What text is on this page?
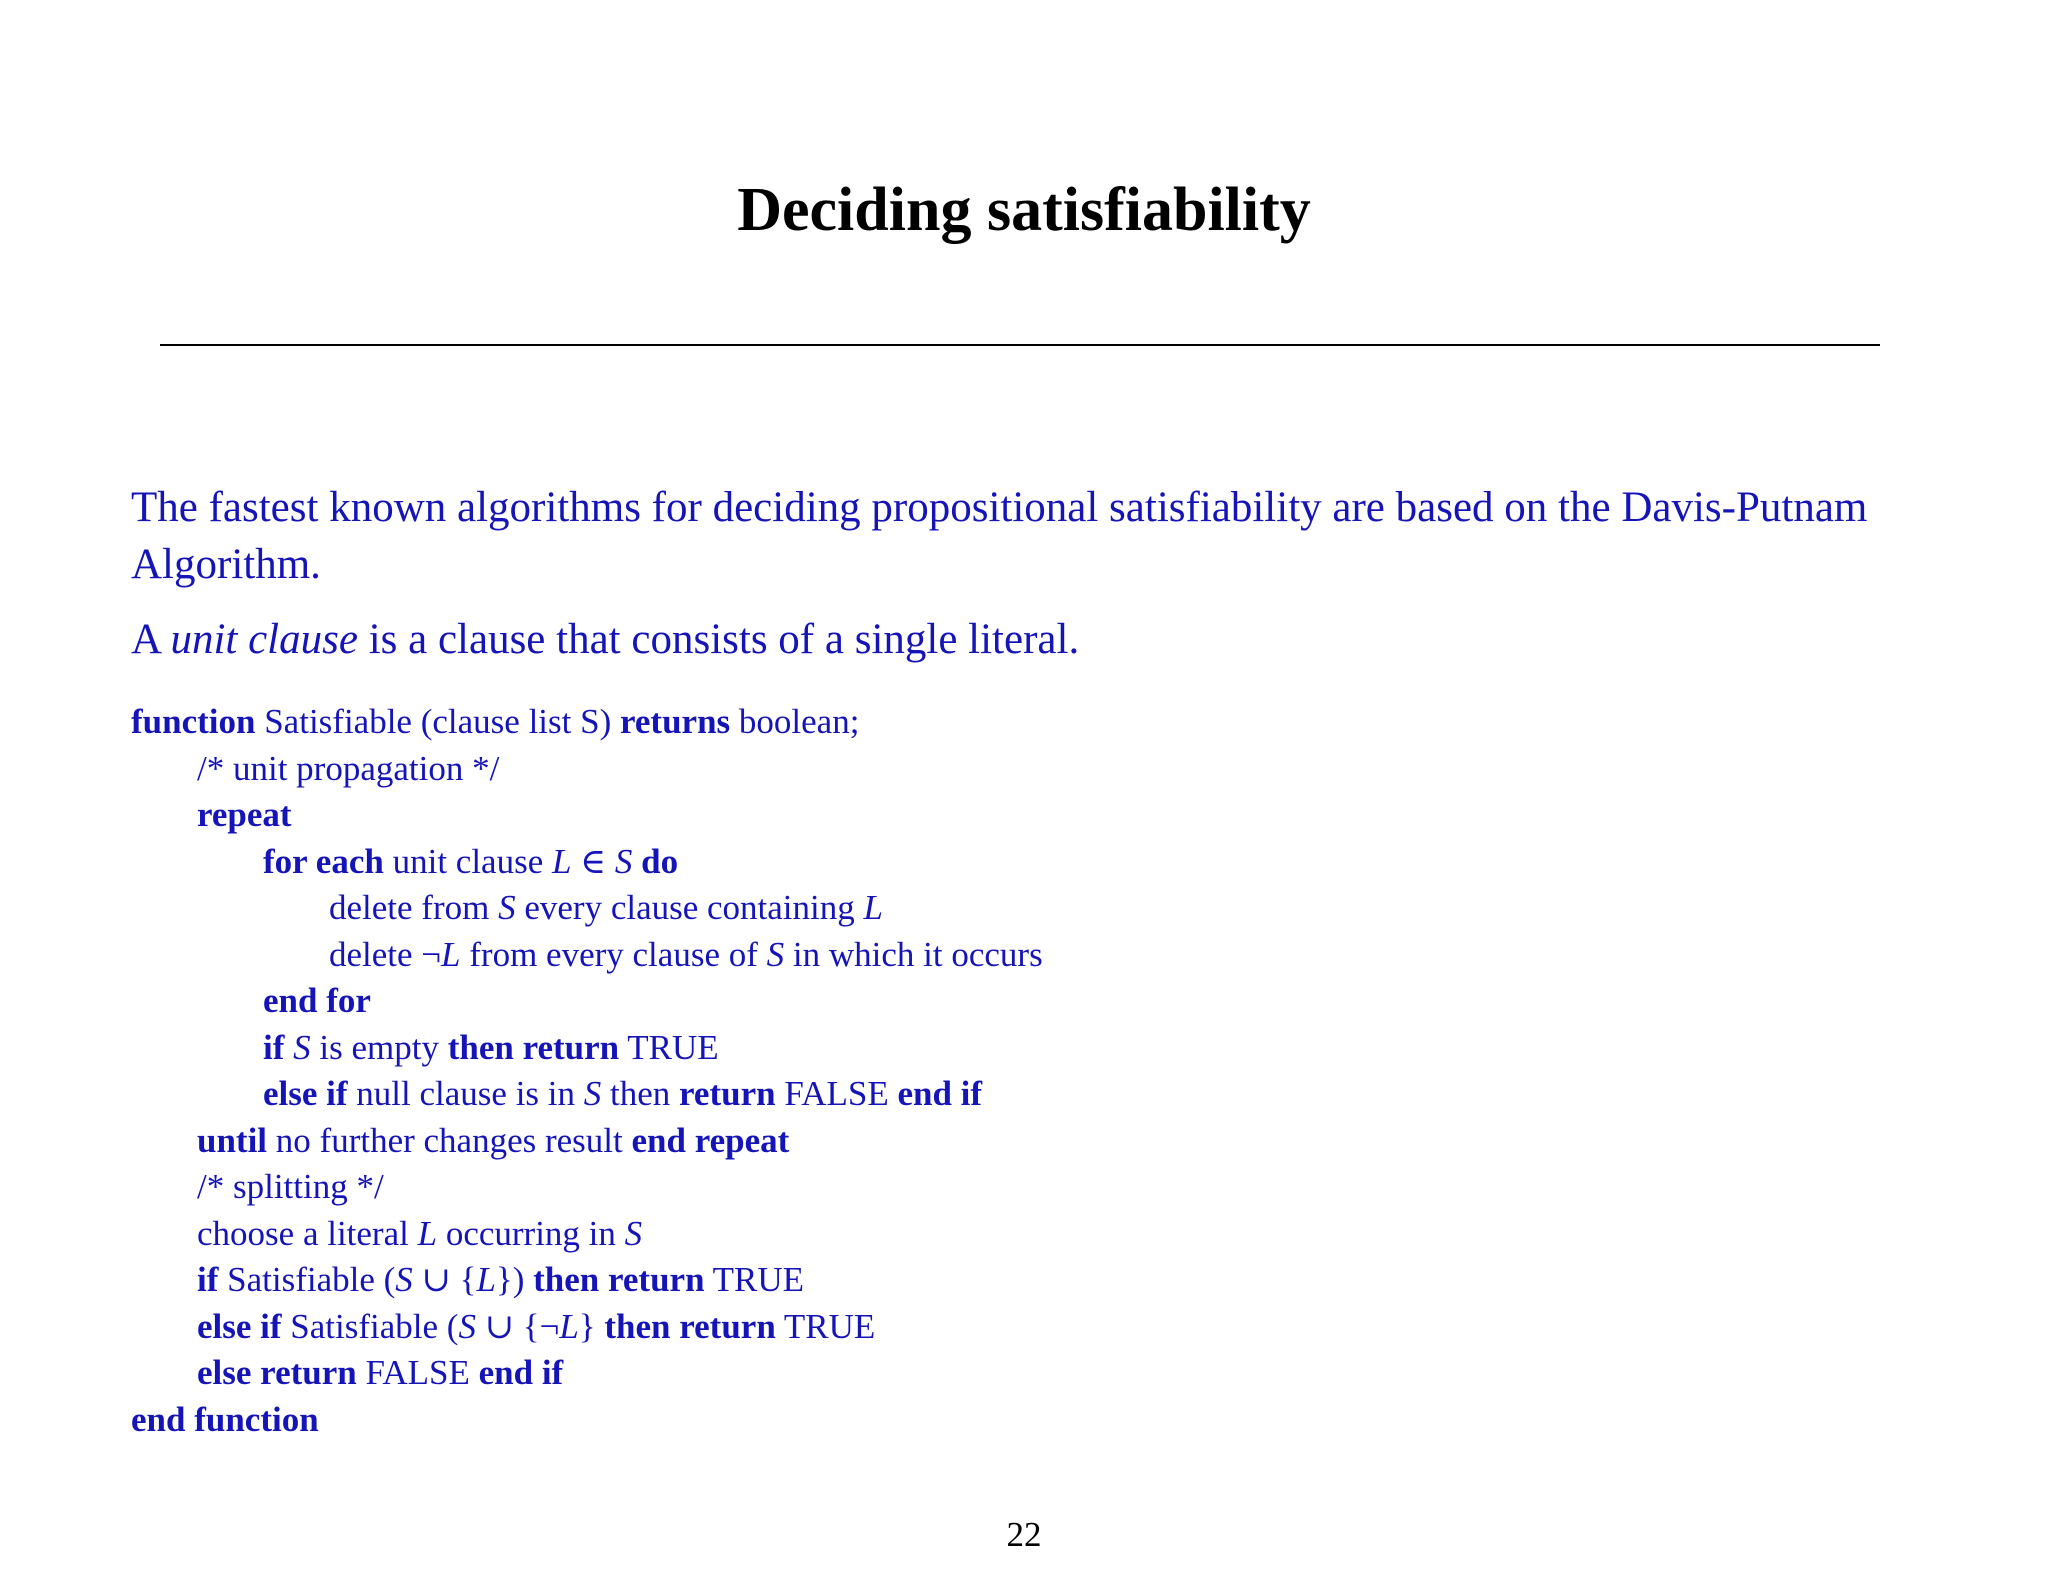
Deciding satisfiability

The fastest known algorithms for deciding propositional satisfiability are based on the Davis-Putnam Algorithm.

A unit clause is a clause that consists of a single literal.

function Satisfiable (clause list S) returns boolean;
/* unit propagation */
repeat
for each unit clause L ∈ S do
delete from S every clause containing L
delete ¬L from every clause of S in which it occurs
end for
if S is empty then return TRUE
else if null clause is in S then return FALSE end if
until no further changes result end repeat
/* splitting */
choose a literal L occurring in S
if Satisfiable (S ∪ {L}) then return TRUE
else if Satisfiable (S ∪ {¬L} then return TRUE
else return FALSE end if
end function
22
